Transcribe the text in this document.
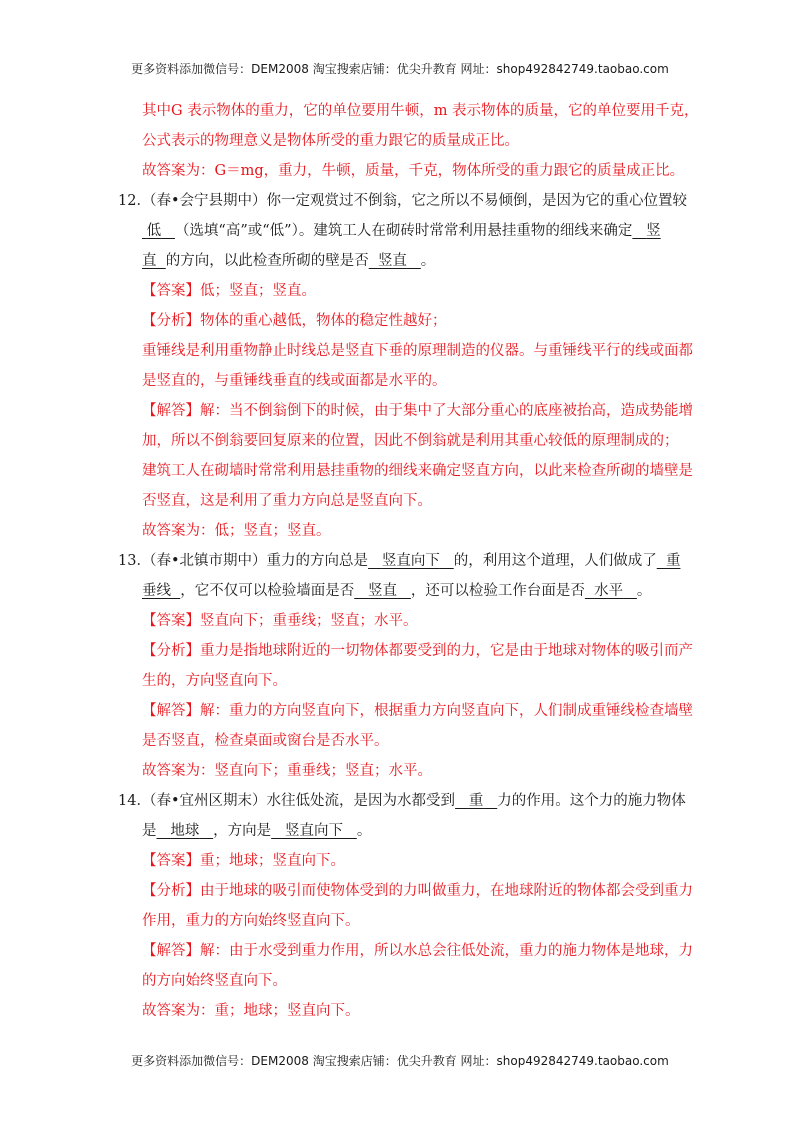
更多资料添加微信号：DEM2008 淘宝搜索店铺：优尖升教育 网址：shop492842749.taobao.com
其中G 表示物体的重力，它的单位要用牛顿，m 表示物体的质量，它的单位要用千克，
公式表示的物理意义是物体所受的重力跟它的质量成正比。
故答案为：G＝mg，重力，牛顿，质量，千克，物体所受的重力跟它的质量成正比。
12．
（春•会宁县期中）你一定观赏过不倒翁，它之所以不易倾倒，是因为它的重心位置较
低 （选填“高”或“低”）。建筑工人在砌砖时常常利用悬挂重物的细线来确定 竖
直 的方向，以此检查所砌的壁是否 竖直 。
【答案】低；竖直；竖直。
【分析】物体的重心越低，物体的稳定性越好；
重锤线是利用重物静止时线总是竖直下垂的原理制造的仪器。与重锤线平行的线或面都
是竖直的，与重锤线垂直的线或面都是水平的。
【解答】解：当不倒翁倒下的时候，由于集中了大部分重心的底座被抬高，造成势能增
加，所以不倒翁要回复原来的位置，因此不倒翁就是利用其重心较低的原理制成的；
建筑工人在砌墙时常常利用悬挂重物的细线来确定竖直方向，以此来检查所砌的墙壁是
否竖直，这是利用了重力方向总是竖直向下。
故答案为：低；竖直；竖直。
13．
（春•北镇市期中）重力的方向总是 竖直向下 的，利用这个道理，人们做成了 重
垂线 ，它不仅可以检验墙面是否 竖直 ，还可以检验工作台面是否 水平 。
【答案】竖直向下；重垂线；竖直；水平。
【分析】重力是指地球附近的一切物体都要受到的力，它是由于地球对物体的吸引而产
生的，方向竖直向下。
【解答】解：重力的方向竖直向下，根据重力方向竖直向下，人们制成重锤线检查墙壁
是否竖直，检查桌面或窗台是否水平。
故答案为：竖直向下；重垂线；竖直；水平。
14．
（春•宜州区期末）水往低处流，是因为水都受到 重 力的作用。这个力的施力物体
是 地球 ，方向是 竖直向下 。
【答案】重；地球；竖直向下。
【分析】由于地球的吸引而使物体受到的力叫做重力，在地球附近的物体都会受到重力
作用，重力的方向始终竖直向下。
【解答】解：由于水受到重力作用，所以水总会往低处流，重力的施力物体是地球，力
的方向始终竖直向下。
故答案为：重；地球；竖直向下。
更多资料添加微信号：DEM2008 淘宝搜索店铺：优尖升教育 网址：shop492842749.taobao.com
